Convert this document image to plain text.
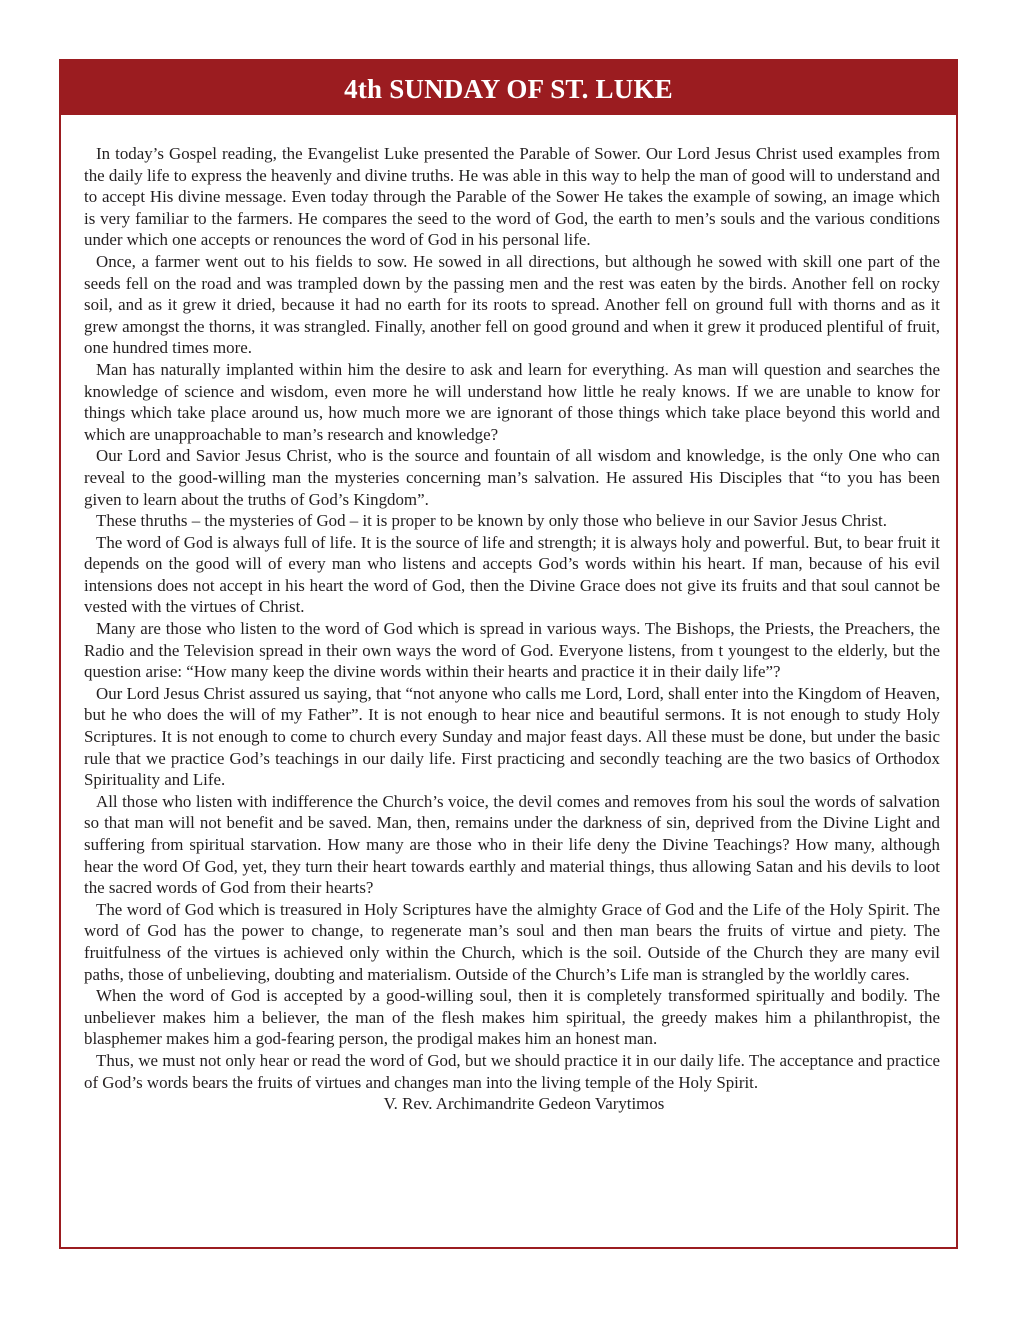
4th SUNDAY OF ST. LUKE

In today’s Gospel reading, the Evangelist Luke presented the Parable of Sower. Our Lord Jesus Christ used examples from the daily life to express the heavenly and divine truths. He was able in this way to help the man of good will to understand and to accept His divine message. Even today through the Parable of the Sower He takes the example of sowing, an image which is very familiar to the farmers. He compares the seed to the word of God, the earth to men’s souls and the various conditions under which one accepts or renounces the word of God in his personal life.

Once, a farmer went out to his fields to sow. He sowed in all directions, but although he sowed with skill one part of the seeds fell on the road and was trampled down by the passing men and the rest was eaten by the birds. Another fell on rocky soil, and as it grew it dried, because it had no earth for its roots to spread. Another fell on ground full with thorns and as it grew amongst the thorns, it was strangled. Finally, another fell on good ground and when it grew it produced plentiful of fruit, one hundred times more.

Man has naturally implanted within him the desire to ask and learn for everything. As man will question and searches the knowledge of science and wisdom, even more he will understand how little he realy knows. If we are unable to know for things which take place around us, how much more we are ignorant of those things which take place beyond this world and which are unapproachable to man’s research and knowledge?

Our Lord and Savior Jesus Christ, who is the source and fountain of all wisdom and knowledge, is the only One who can reveal to the good-willing man the mysteries concerning man’s salvation. He assured His Disciples that “to you has been given to learn about the truths of God’s Kingdom”.

These thruths – the mysteries of God – it is proper to be known by only those who believe in our Savior Jesus Christ.

The word of God is always full of life. It is the source of life and strength; it is always holy and powerful. But, to bear fruit it depends on the good will of every man who listens and accepts God’s words within his heart. If man, because of his evil intensions does not accept in his heart the word of God, then the Divine Grace does not give its fruits and that soul cannot be vested with the virtues of Christ.

Many are those who listen to the word of God which is spread in various ways. The Bishops, the Priests, the Preachers, the Radio and the Television spread in their own ways the word of God. Everyone listens, from t youngest to the elderly, but the question arise: “How many keep the divine words within their hearts and practice it in their daily life”?

Our Lord Jesus Christ assured us saying, that “not anyone who calls me Lord, Lord, shall enter into the Kingdom of Heaven, but he who does the will of my Father”. It is not enough to hear nice and beautiful sermons. It is not enough to study Holy Scriptures. It is not enough to come to church every Sunday and major feast days. All these must be done, but under the basic rule that we practice God’s teachings in our daily life. First practicing and secondly teaching are the two basics of Orthodox Spirituality and Life.

All those who listen with indifference the Church’s voice, the devil comes and removes from his soul the words of salvation so that man will not benefit and be saved. Man, then, remains under the darkness of sin, deprived from the Divine Light and suffering from spiritual starvation. How many are those who in their life deny the Divine Teachings? How many, although hear the word Of God, yet, they turn their heart towards earthly and material things, thus allowing Satan and his devils to loot the sacred words of God from their hearts?

The word of God which is treasured in Holy Scriptures have the almighty Grace of God and the Life of the Holy Spirit. The word of God has the power to change, to regenerate man’s soul and then man bears the fruits of virtue and piety. The fruitfulness of the virtues is achieved only within the Church, which is the soil. Outside of the Church they are many evil paths, those of unbelieving, doubting and materialism. Outside of the Church’s Life man is strangled by the worldly cares.

When the word of God is accepted by a good-willing soul, then it is completely transformed spiritually and bodily. The unbeliever makes him a believer, the man of the flesh makes him spiritual, the greedy makes him a philanthropist, the blasphemer makes him a god-fearing person, the prodigal makes him an honest man.

Thus, we must not only hear or read the word of God, but we should practice it in our daily life. The acceptance and practice of God’s words bears the fruits of virtues and changes man into the living temple of the Holy Spirit.

V. Rev. Archimandrite Gedeon Varytimos
